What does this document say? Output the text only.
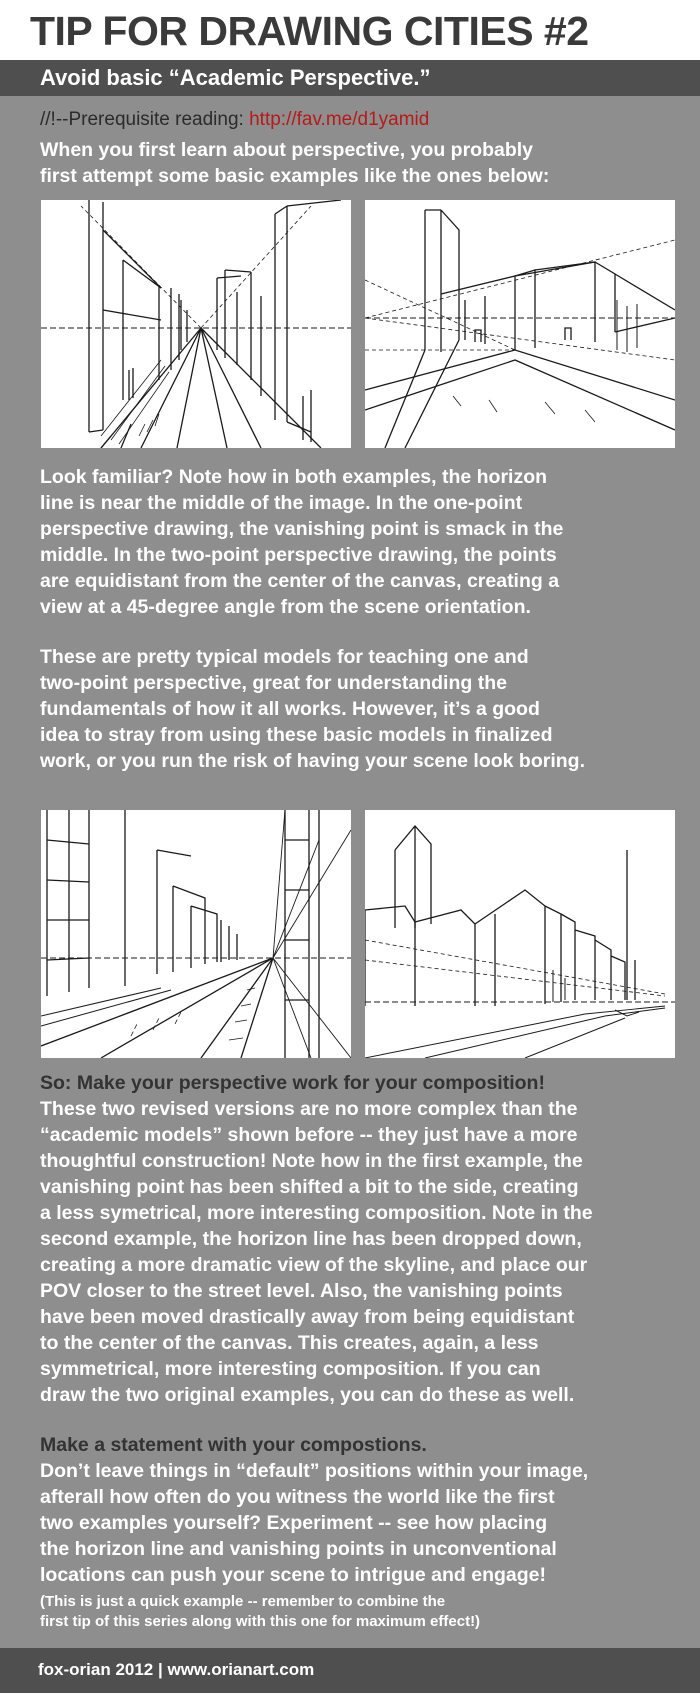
TIP FOR DRAWING CITIES #2
Avoid basic “Academic Perspective.”
//!--Prerequisite reading: http://fav.me/d1yamid
When you first learn about perspective, you probably
first attempt some basic examples like the ones below:
Look familiar? Note how in both examples, the horizon
line is near the middle of the image. In the one-point
perspective drawing, the vanishing point is smack in the
middle. In the two-point perspective drawing, the points
are equidistant from the center of the canvas, creating a
view at a 45-degree angle from the scene orientation.
These are pretty typical models for teaching one and
two-point perspective, great for understanding the
fundamentals of how it all works. However, it’s a good
idea to stray from using these basic models in finalized
work, or you run the risk of having your scene look boring.
So: Make your perspective work for your composition!
These two revised versions are no more complex than the
“academic models” shown before -- they just have a more
thoughtful construction! Note how in the first example, the
vanishing point has been shifted a bit to the side, creating
a less symetrical, more interesting composition. Note in the
second example, the horizon line has been dropped down,
creating a more dramatic view of the skyline, and place our
POV closer to the street level. Also, the vanishing points
have been moved drastically away from being equidistant
to the center of the canvas. This creates, again, a less
symmetrical, more interesting composition. If you can
draw the two original examples, you can do these as well.
Make a statement with your compostions.
Don’t leave things in “default” positions within your image,
afterall how often do you witness the world like the first
two examples yourself? Experiment -- see how placing
the horizon line and vanishing points in unconventional
locations can push your scene to intrigue and engage!
(This is just a quick example -- remember to combine the
first tip of this series along with this one for maximum effect!)
fox-orian 2012 | www.orianart.com
